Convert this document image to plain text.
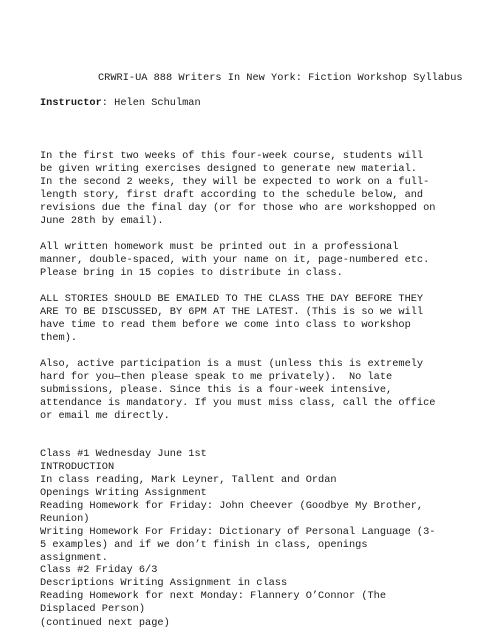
CRWRI-UA 888 Writers In New York: Fiction Workshop Syllabus
Instructor: Helen Schulman
In the first two weeks of this four-week course, students will
be given writing exercises designed to generate new material.
In the second 2 weeks, they will be expected to work on a full-
length story, first draft according to the schedule below, and
revisions due the final day (or for those who are workshopped on
June 28th by email).
All written homework must be printed out in a professional
manner, double-spaced, with your name on it, page-numbered etc.
Please bring in 15 copies to distribute in class.
ALL STORIES SHOULD BE EMAILED TO THE CLASS THE DAY BEFORE THEY
ARE TO BE DISCUSSED, BY 6PM AT THE LATEST. (This is so we will
have time to read them before we come into class to workshop
them).
Also, active participation is a must (unless this is extremely
hard for you—then please speak to me privately).  No late
submissions, please. Since this is a four-week intensive,
attendance is mandatory. If you must miss class, call the office
or email me directly.
Class #1 Wednesday June 1st
INTRODUCTION
In class reading, Mark Leyner, Tallent and Ordan
Openings Writing Assignment
Reading Homework for Friday: John Cheever (Goodbye My Brother,
Reunion)
Writing Homework For Friday: Dictionary of Personal Language (3-
5 examples) and if we don’t finish in class, openings
assignment.
Class #2 Friday 6/3
Descriptions Writing Assignment in class
Reading Homework for next Monday: Flannery O’Connor (The
Displaced Person)
(continued next page)
